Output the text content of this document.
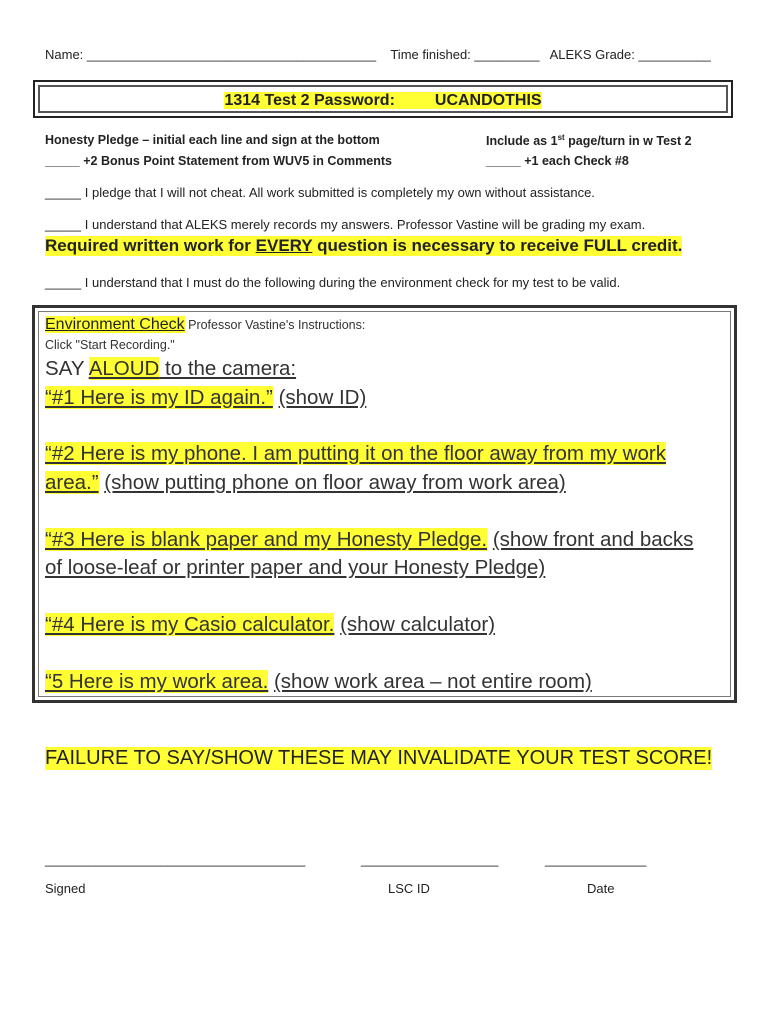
Name: ________________________________________ Time finished: _________ ALEKS Grade: __________
1314 Test 2 Password:	UCANDOTHIS
Honesty Pledge – initial each line and sign at the bottom	Include as 1st page/turn in w Test 2
_____ +2 Bonus Point Statement from WUV5 in Comments	_____ +1 each Check #8
_____ I pledge that I will not cheat. All work submitted is completely my own without assistance.
_____ I understand that ALEKS merely records my answers. Professor Vastine will be grading my exam.
Required written work for EVERY question is necessary to receive FULL credit.
_____ I understand that I must do the following during the environment check for my test to be valid.
Environment Check Professor Vastine's Instructions:
Click "Start Recording."
SAY ALOUD to the camera:
“#1 Here is my ID again.” (show ID)
“#2 Here is my phone. I am putting it on the floor away from my work
area.” (show putting phone on floor away from work area)
“#3 Here is blank paper and my Honesty Pledge. (show front and backs
of loose-leaf or printer paper and your Honesty Pledge)
“#4 Here is my Casio calculator. (show calculator)
“5 Here is my work area. (show work area – not entire room)
FAILURE TO SAY/SHOW THESE MAY INVALIDATE YOUR TEST SCORE!
____________________________________	___________________	______________
Signed	LSC ID	Date
